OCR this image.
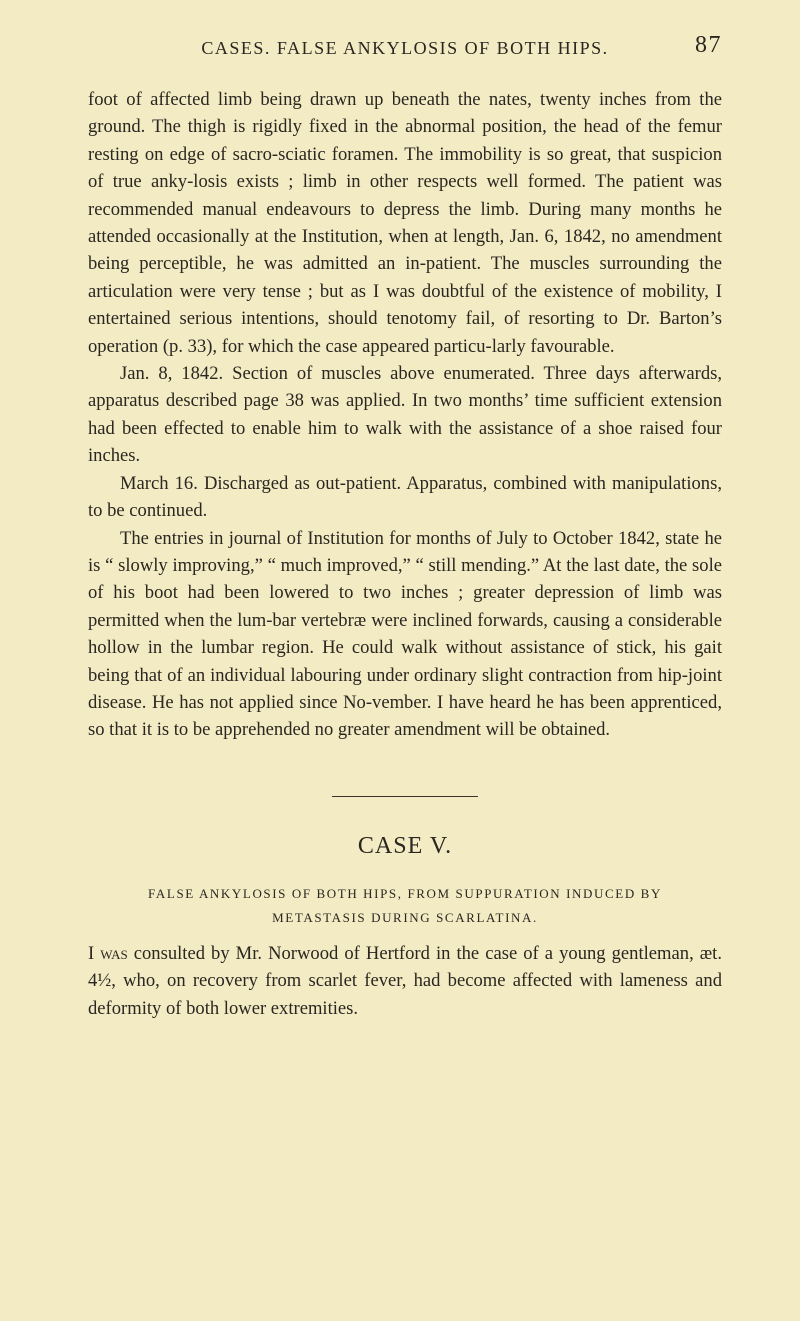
CASES. FALSE ANKYLOSIS OF BOTH HIPS.	87

foot of affected limb being drawn up beneath the nates, twenty inches from the ground. The thigh is rigidly fixed in the abnormal position, the head of the femur resting on edge of sacro-sciatic foramen. The immobility is so great, that suspicion of true anky-losis exists ; limb in other respects well formed. The patient was recommended manual endeavours to depress the limb. During many months he attended occasionally at the Institution, when at length, Jan. 6, 1842, no amendment being perceptible, he was admitted an in-patient. The muscles surrounding the articulation were very tense ; but as I was doubtful of the existence of mobility, I entertained serious intentions, should tenotomy fail, of resorting to Dr. Barton’s operation (p. 33), for which the case appeared particu-larly favourable.

Jan. 8, 1842. Section of muscles above enumerated. Three days afterwards, apparatus described page 38 was applied. In two months’ time sufficient extension had been effected to enable him to walk with the assistance of a shoe raised four inches.

March 16. Discharged as out-patient. Apparatus, combined with manipulations, to be continued.

The entries in journal of Institution for months of July to October 1842, state he is “ slowly improving,” “ much improved,” “ still mending.” At the last date, the sole of his boot had been lowered to two inches ; greater depression of limb was permitted when the lum-bar vertebræ were inclined forwards, causing a considerable hollow in the lumbar region. He could walk without assistance of stick, his gait being that of an individual labouring under ordinary slight contraction from hip-joint disease. He has not applied since No-vember. I have heard he has been apprenticed, so that it is to be apprehended no greater amendment will be obtained.

CASE V.
FALSE ANKYLOSIS OF BOTH HIPS, FROM SUPPURATION INDUCED BY
METASTASIS DURING SCARLATINA.

I was consulted by Mr. Norwood of Hertford in the case of a young gentleman, æt. 4½, who, on recovery from scarlet fever, had become affected with lameness and deformity of both lower extremities.
